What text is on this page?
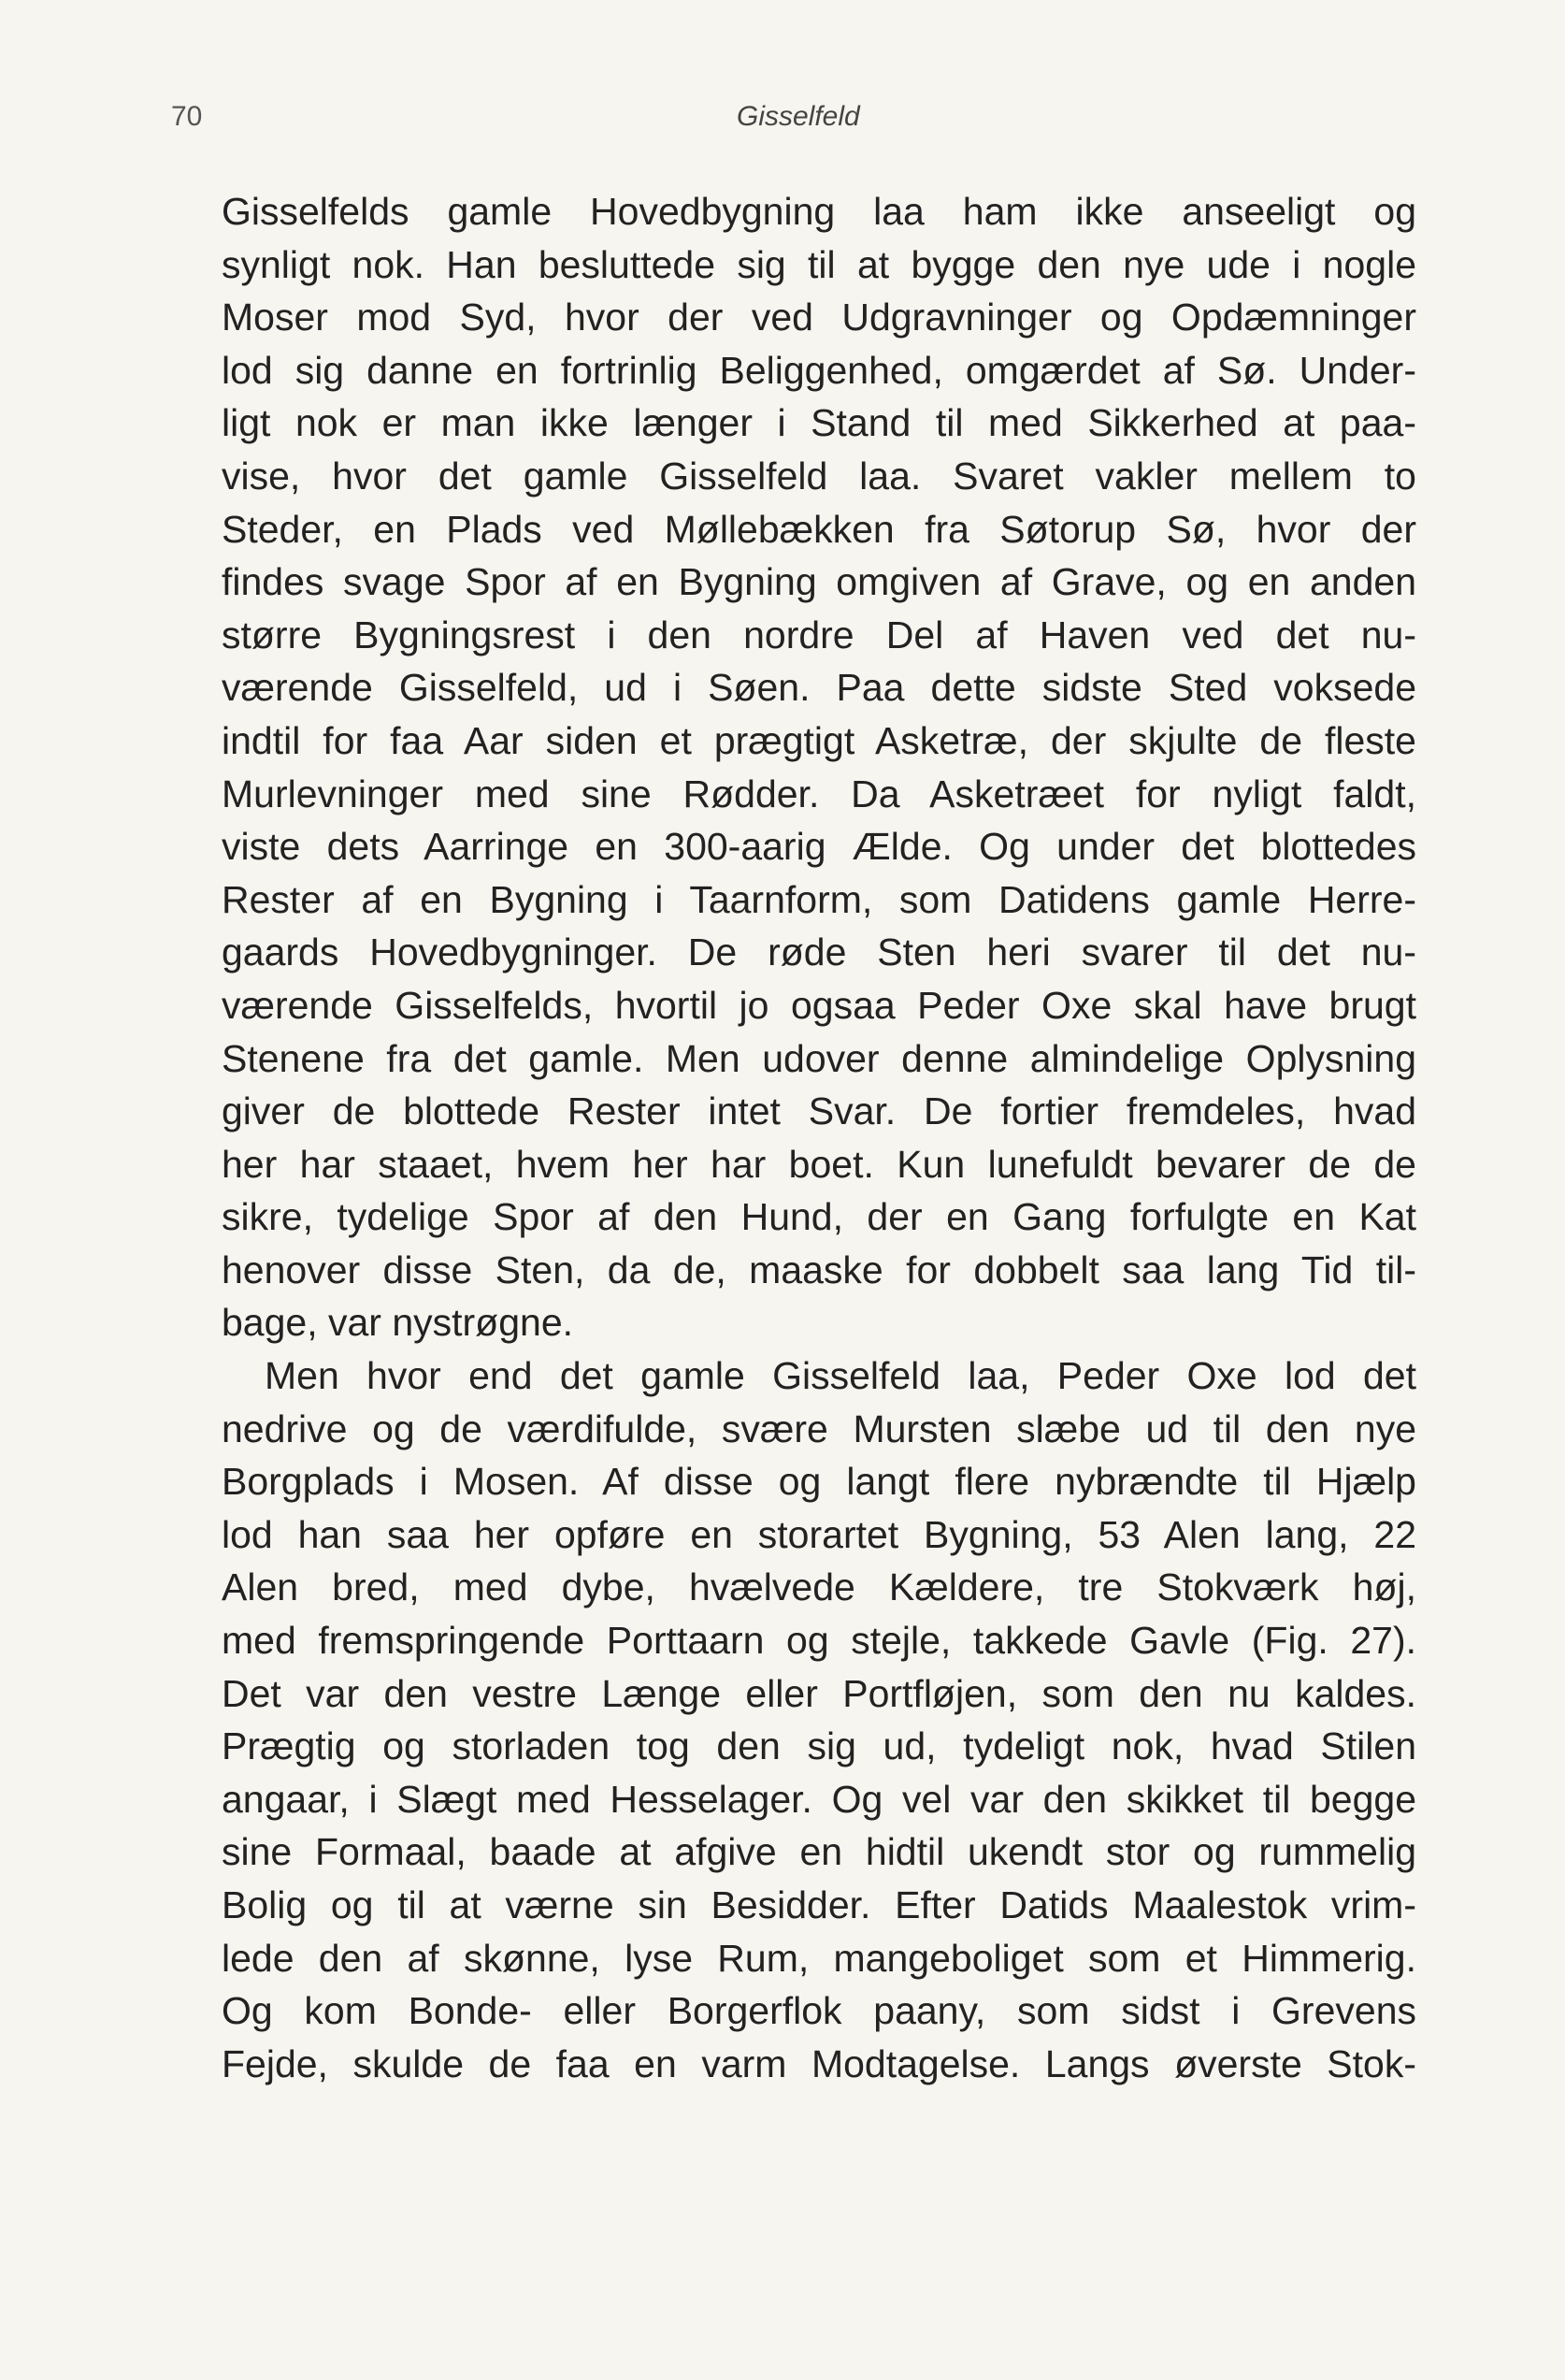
70	Gisselfeld
Gisselfelds gamle Hovedbygning laa ham ikke anseeligt og
synligt nok. Han besluttede sig til at bygge den nye ude i nogle
Moser mod Syd, hvor der ved Udgravninger og Opdæmninger
lod sig danne en fortrinlig Beliggenhed, omgærdet af Sø. Under-
ligt nok er man ikke længer i Stand til med Sikkerhed at paa-
vise, hvor det gamle Gisselfeld laa. Svaret vakler mellem to
Steder, en Plads ved Møllebækken fra Søtorup Sø, hvor der
findes svage Spor af en Bygning omgiven af Grave, og en anden
større Bygningsrest i den nordre Del af Haven ved det nu-
værende Gisselfeld, ud i Søen. Paa dette sidste Sted voksede
indtil for faa Aar siden et prægtigt Asketræ, der skjulte de fleste
Murlevninger med sine Rødder. Da Asketræet for nyligt faldt,
viste dets Aarringe en 300-aarig Ælde. Og under det blottedes
Rester af en Bygning i Taarnform, som Datidens gamle Herre-
gaards Hovedbygninger. De røde Sten heri svarer til det nu-
værende Gisselfelds, hvortil jo ogsaa Peder Oxe skal have brugt
Stenene fra det gamle. Men udover denne almindelige Oplysning
giver de blottede Rester intet Svar. De fortier fremdeles, hvad
her har staaet, hvem her har boet. Kun lunefuldt bevarer de de
sikre, tydelige Spor af den Hund, der en Gang forfulgte en Kat
henover disse Sten, da de, maaske for dobbelt saa lang Tid til-
bage, var nystrøgne.
Men hvor end det gamle Gisselfeld laa, Peder Oxe lod det
nedrive og de værdifulde, svære Mursten slæbe ud til den nye
Borgplads i Mosen. Af disse og langt flere nybrændte til Hjælp
lod han saa her opføre en storartet Bygning, 53 Alen lang, 22
Alen bred, med dybe, hvælvede Kældere, tre Stokværk høj,
med fremspringende Porttaarn og stejle, takkede Gavle (Fig. 27).
Det var den vestre Længe eller Portfløjen, som den nu kaldes.
Prægtig og storladen tog den sig ud, tydeligt nok, hvad Stilen
angaar, i Slægt med Hesselager. Og vel var den skikket til begge
sine Formaal, baade at afgive en hidtil ukendt stor og rummelig
Bolig og til at værne sin Besidder. Efter Datids Maalestok vrim-
lede den af skønne, lyse Rum, mangeboliget som et Himmerig.
Og kom Bonde- eller Borgerflok paany, som sidst i Grevens
Fejde, skulde de faa en varm Modtagelse. Langs øverste Stok-
